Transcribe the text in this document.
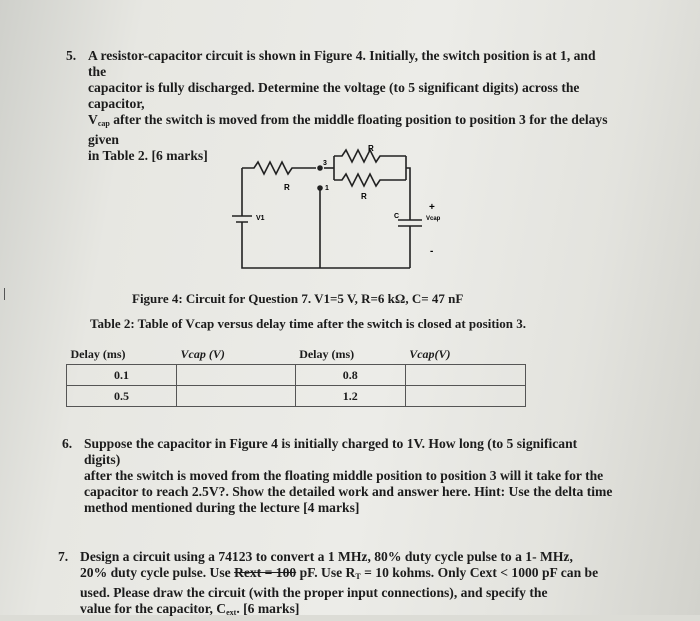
5. A resistor-capacitor circuit is shown in Figure 4. Initially, the switch position is at 1, and the

capacitor is fully discharged. Determine the voltage (to 5 significant digits) across the capacitor,

$V_{cap}$ after the switch is moved from the middle floating position to position 3 for the delays given

in Table 2. [6 marks]

R
3
1
R
R
V1	C
+
Vcap
-
Figure 4: Circuit for Question 7. V1=5 V, R=6 kΩ, C= 47 nF
Table 2: Table of Vcap versus delay time after the switch is closed at position 3.
Delay (ms)	Vcap (V)	Delay (ms)	Vcap(V)
0.1		0.8	
0.5		1.2	
6. Suppose the capacitor in Figure 4 is initially charged to 1V. How long (to 5 significant digits)

after the switch is moved from the floating middle position to position 3 will it take for the

capacitor to reach 2.5V?. Show the detailed work and answer here. Hint: Use the delta time

method mentioned during the lecture [4 marks]

7. Design a circuit using a 74123 to convert a 1 MHz, 80% duty cycle pulse to a 1- MHz,

20% duty cycle pulse. Use Rext = 100 pF. Use $R_T = 10$ kohms. Only Cext < 1000 pF can be

used. Please draw the circuit (with the proper input connections), and specify the

value for the capacitor, $C_{ext}$. [6 marks]
